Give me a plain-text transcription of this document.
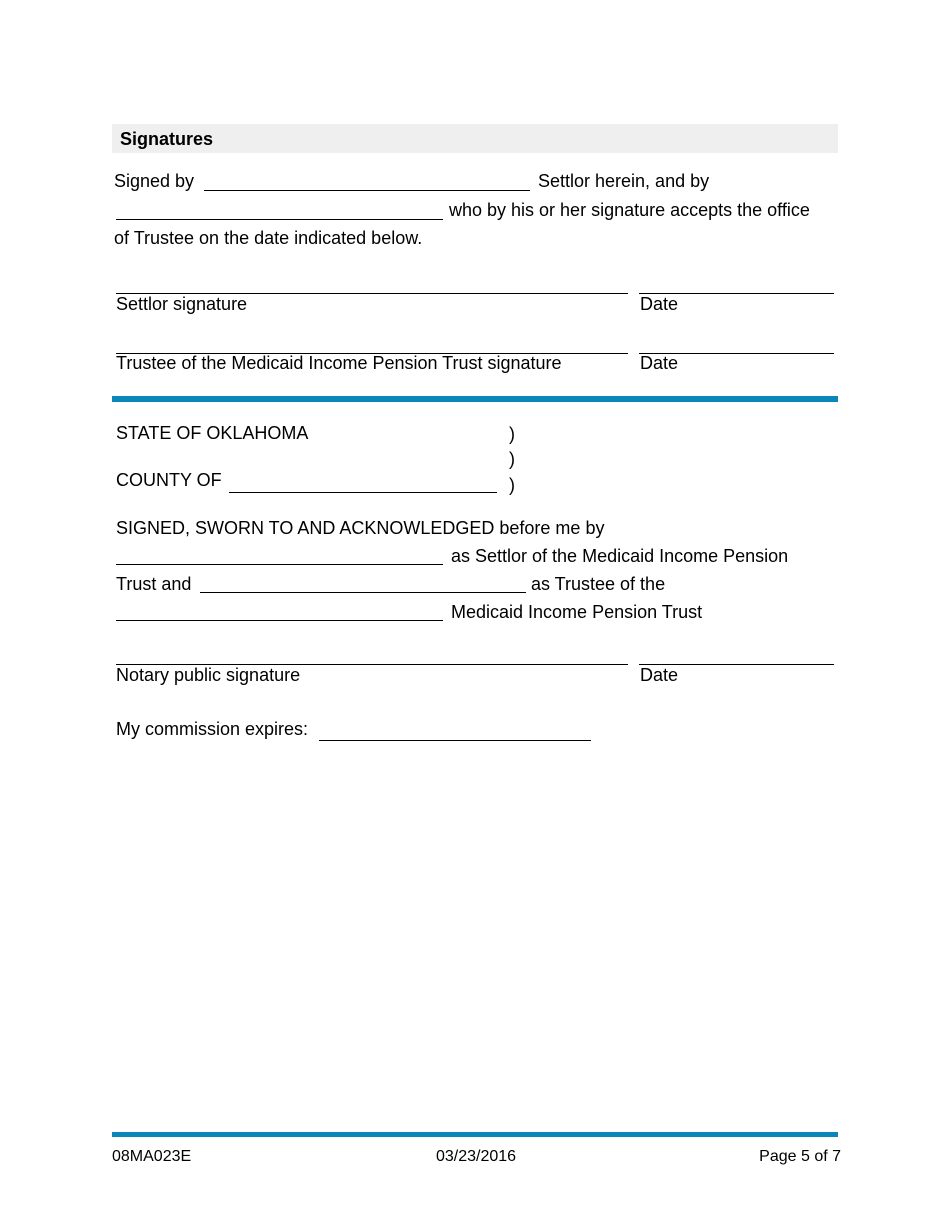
Signatures
Signed by	Settlor herein, and by
who by his or her signature accepts the office
of Trustee on the date indicated below.
Settlor signature	Date
Trustee of the Medicaid Income Pension Trust signature	Date
STATE OF OKLAHOMA	)
)
)
COUNTY OF
SIGNED, SWORN TO AND ACKNOWLEDGED before me by
as Settlor of the Medicaid Income Pension
Trust and	as Trustee of the
Medicaid Income Pension Trust
Notary public signature	Date
My commission expires:
08MA023E	03/23/2016	Page 5 of 7
